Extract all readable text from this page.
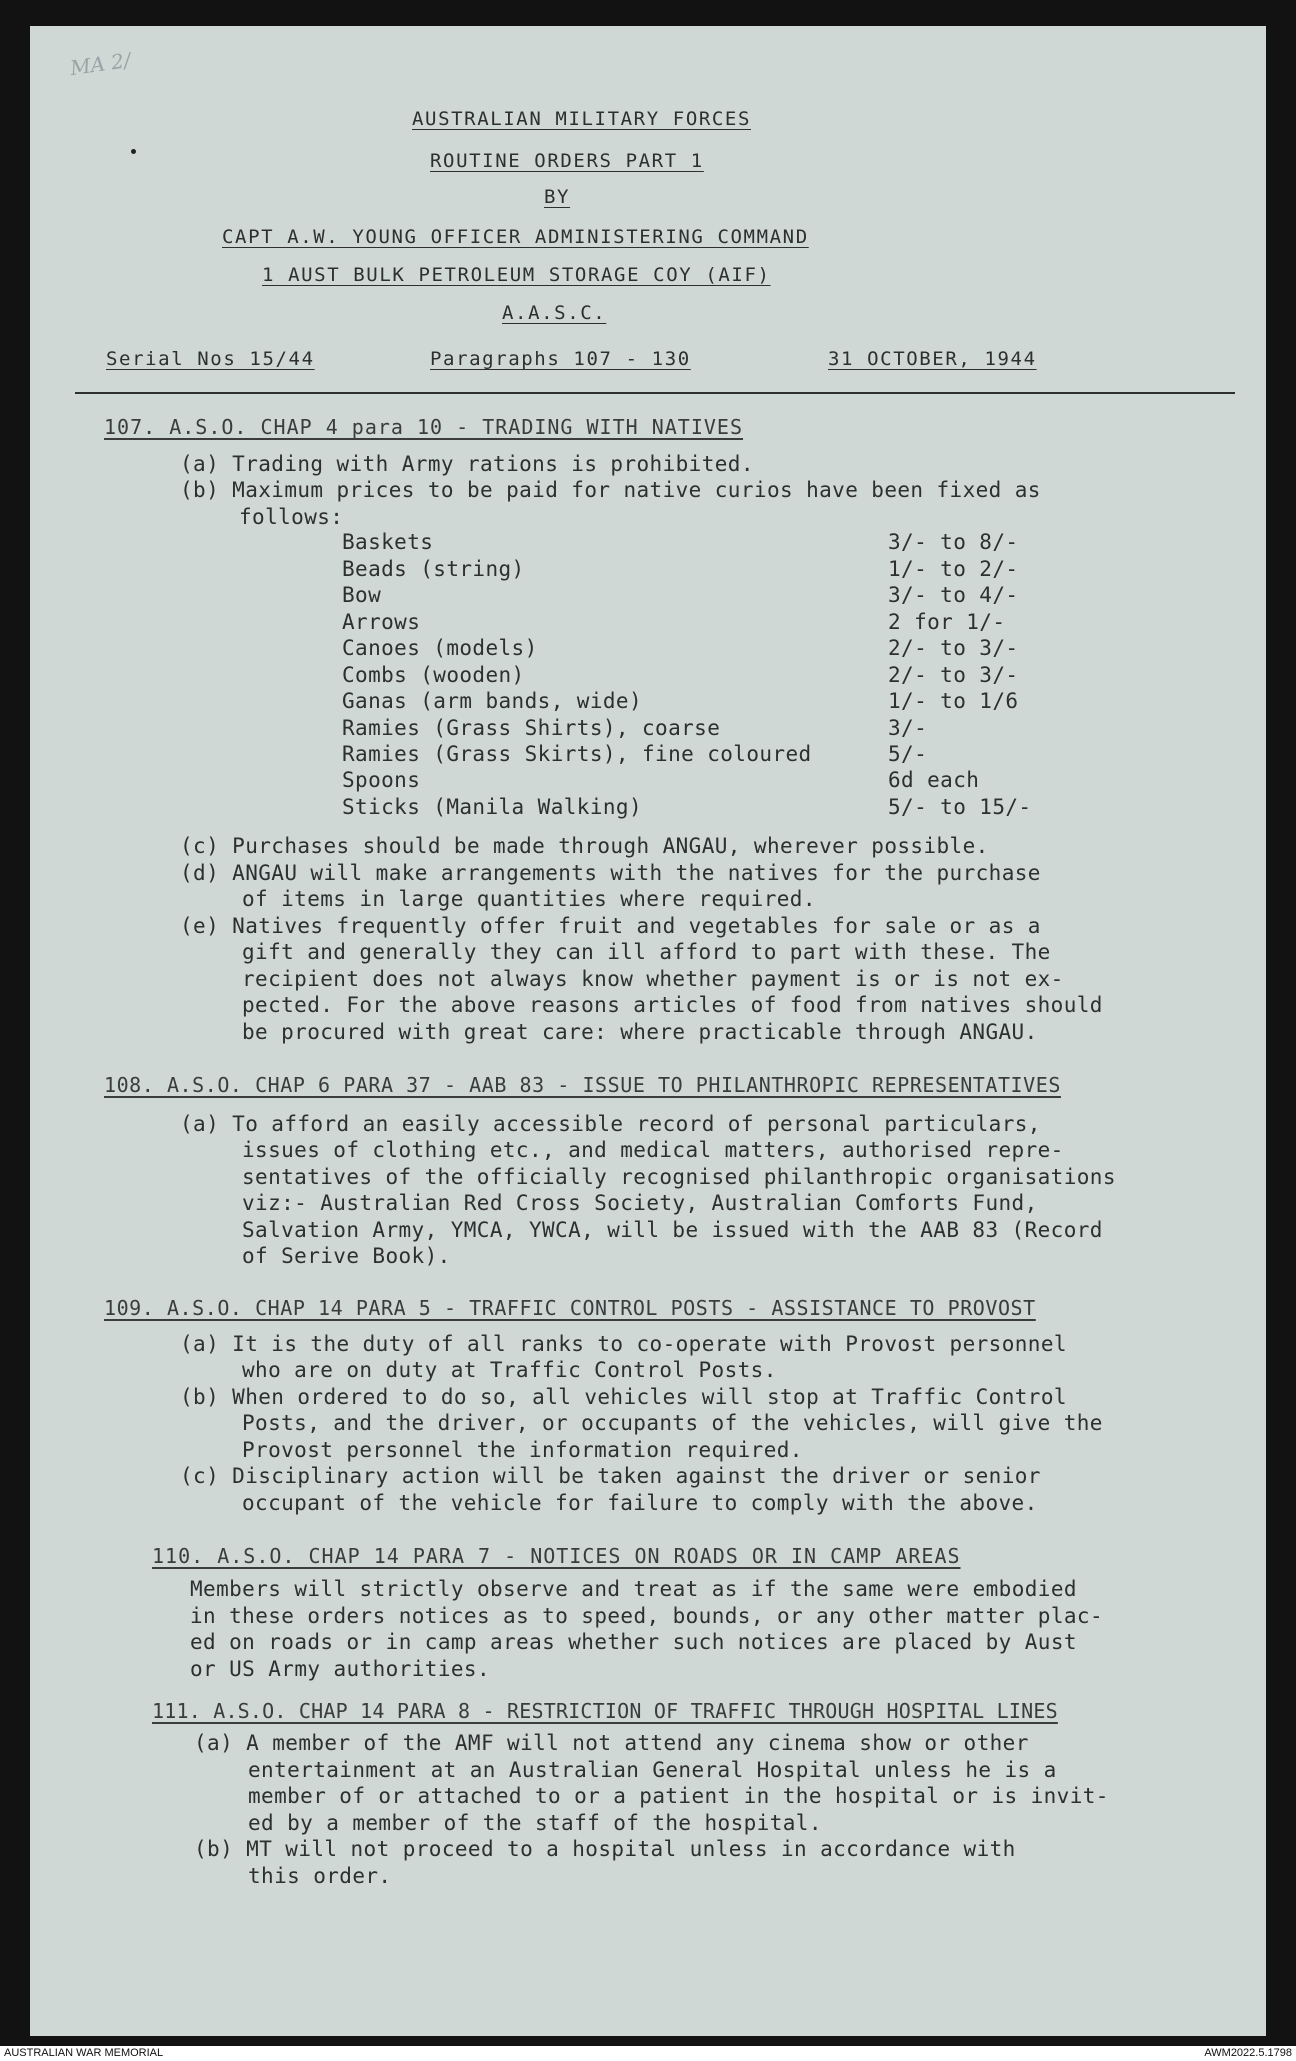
MA 2/
AUSTRALIAN MILITARY FORCES
ROUTINE ORDERS PART 1
BY
CAPT A.W. YOUNG OFFICER ADMINISTERING COMMAND
1 AUST BULK PETROLEUM STORAGE COY (AIF)
A.A.S.C.
Serial Nos 15/44	Paragraphs 107 - 130	31 OCTOBER, 1944
107. A.S.O. CHAP 4 para 10 - TRADING WITH NATIVES
(a) Trading with Army rations is prohibited.
(b) Maximum prices to be paid for native curios have been fixed as
follows:
Baskets	3/- to 8/-
Beads (string)	1/- to 2/-
Bow	3/- to 4/-
Arrows	2 for 1/-
Canoes (models)	2/- to 3/-
Combs (wooden)	2/- to 3/-
Ganas (arm bands, wide)	1/- to 1/6
Ramies (Grass Shirts), coarse	3/-
Ramies (Grass Skirts), fine coloured	5/-
Spoons	6d each
Sticks (Manila Walking)	5/- to 15/-
(c) Purchases should be made through ANGAU, wherever possible.
(d) ANGAU will make arrangements with the natives for the purchase
of items in large quantities where required.
(e) Natives frequently offer fruit and vegetables for sale or as a
gift and generally they can ill afford to part with these. The
recipient does not always know whether payment is or is not ex-
pected. For the above reasons articles of food from natives should
be procured with great care: where practicable through ANGAU.
108. A.S.O. CHAP 6 PARA 37 - AAB 83 - ISSUE TO PHILANTHROPIC REPRESENTATIVES
(a) To afford an easily accessible record of personal particulars,
issues of clothing etc., and medical matters, authorised repre-
sentatives of the officially recognised philanthropic organisations
viz:- Australian Red Cross Society, Australian Comforts Fund,
Salvation Army, YMCA, YWCA, will be issued with the AAB 83 (Record
of Serive Book).
109. A.S.O. CHAP 14 PARA 5 - TRAFFIC CONTROL POSTS - ASSISTANCE TO PROVOST
(a) It is the duty of all ranks to co-operate with Provost personnel
who are on duty at Traffic Control Posts.
(b) When ordered to do so, all vehicles will stop at Traffic Control
Posts, and the driver, or occupants of the vehicles, will give the
Provost personnel the information required.
(c) Disciplinary action will be taken against the driver or senior
occupant of the vehicle for failure to comply with the above.
110. A.S.O. CHAP 14 PARA 7 - NOTICES ON ROADS OR IN CAMP AREAS
Members will strictly observe and treat as if the same were embodied
in these orders notices as to speed, bounds, or any other matter plac-
ed on roads or in camp areas whether such notices are placed by Aust
or US Army authorities.
111. A.S.O. CHAP 14 PARA 8 - RESTRICTION OF TRAFFIC THROUGH HOSPITAL LINES
(a) A member of the AMF will not attend any cinema show or other
entertainment at an Australian General Hospital unless he is a
member of or attached to or a patient in the hospital or is invit-
ed by a member of the staff of the hospital.
(b) MT will not proceed to a hospital unless in accordance with
this order.
AUSTRALIAN WAR MEMORIAL	AWM2022.5.1798
